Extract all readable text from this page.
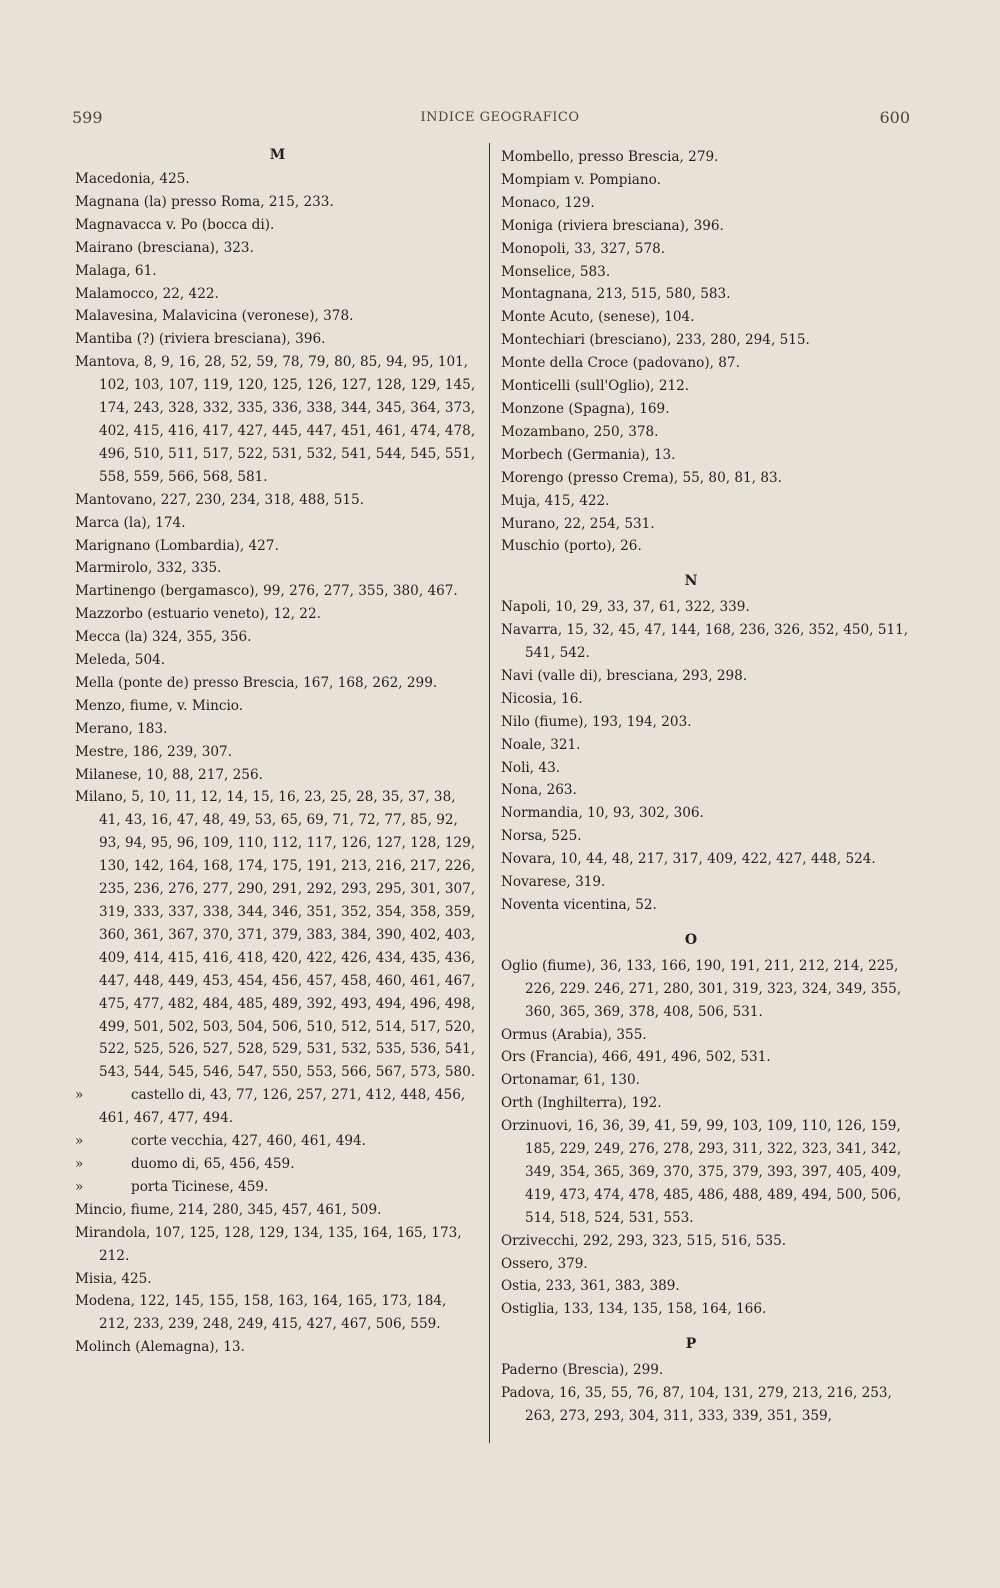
599	INDICE GEOGRAFICO	600
M
Macedonia, 425.
Magnana (la) presso Roma, 215, 233.
Magnavacca v. Po (bocca di).
Mairano (bresciana), 323.
Malaga, 61.
Malamocco, 22, 422.
Malavesina, Malavicina (veronese), 378.
Mantiba (?) (riviera bresciana), 396.
Mantova, 8, 9, 16, 28, 52, 59, 78, 79, 80, 85, 94, 95, 101, 102, 103, 107, 119, 120, 125, 126, 127, 128, 129, 145, 174, 243, 328, 332, 335, 336, 338, 344, 345, 364, 373, 402, 415, 416, 417, 427, 445, 447, 451, 461, 474, 478, 496, 510, 511, 517, 522, 531, 532, 541, 544, 545, 551, 558, 559, 566, 568, 581.
Mantovano, 227, 230, 234, 318, 488, 515.
Marca (la), 174.
Marignano (Lombardia), 427.
Marmirolo, 332, 335.
Martinengo (bergamasco), 99, 276, 277, 355, 380, 467.
Mazzorbo (estuario veneto), 12, 22.
Mecca (la) 324, 355, 356.
Meleda, 504.
Mella (ponte de) presso Brescia, 167, 168, 262, 299.
Menzo, fiume, v. Mincio.
Merano, 183.
Mestre, 186, 239, 307.
Milanese, 10, 88, 217, 256.
Milano, 5, 10, 11, 12, 14, 15, 16, 23, 25, 28, 35, 37, 38, 41, 43, 16, 47, 48, 49, 53, 65, 69, 71, 72, 77, 85, 92, 93, 94, 95, 96, 109, 110, 112, 117, 126, 127, 128, 129, 130, 142, 164, 168, 174, 175, 191, 213, 216, 217, 226, 235, 236, 276, 277, 290, 291, 292, 293, 295, 301, 307, 319, 333, 337, 338, 344, 346, 351, 352, 354, 358, 359, 360, 361, 367, 370, 371, 379, 383, 384, 390, 402, 403, 409, 414, 415, 416, 418, 420, 422, 426, 434, 435, 436, 447, 448, 449, 453, 454, 456, 457, 458, 460, 461, 467, 475, 477, 482, 484, 485, 489, 392, 493, 494, 496, 498, 499, 501, 502, 503, 504, 506, 510, 512, 514, 517, 520, 522, 525, 526, 527, 528, 529, 531, 532, 535, 536, 541, 543, 544, 545, 546, 547, 550, 553, 566, 567, 573, 580.
»	castello di, 43, 77, 126, 257, 271, 412, 448, 456, 461, 467, 477, 494.
»	corte vecchia, 427, 460, 461, 494.
»	duomo di, 65, 456, 459.
»	porta Ticinese, 459.
Mincio, fiume, 214, 280, 345, 457, 461, 509.
Mirandola, 107, 125, 128, 129, 134, 135, 164, 165, 173, 212.
Misia, 425.
Modena, 122, 145, 155, 158, 163, 164, 165, 173, 184, 212, 233, 239, 248, 249, 415, 427, 467, 506, 559.
Molinch (Alemagna), 13.
Mombello, presso Brescia, 279.
Mompiam v. Pompiano.
Monaco, 129.
Moniga (riviera bresciana), 396.
Monopoli, 33, 327, 578.
Monselice, 583.
Montagnana, 213, 515, 580, 583.
Monte Acuto, (senese), 104.
Montechiari (bresciano), 233, 280, 294, 515.
Monte della Croce (padovano), 87.
Monticelli (sull'Oglio), 212.
Monzone (Spagna), 169.
Mozambano, 250, 378.
Morbech (Germania), 13.
Morengo (presso Crema), 55, 80, 81, 83.
Muja, 415, 422.
Murano, 22, 254, 531.
Muschio (porto), 26.
N
Napoli, 10, 29, 33, 37, 61, 322, 339.
Navarra, 15, 32, 45, 47, 144, 168, 236, 326, 352, 450, 511, 541, 542.
Navi (valle di), bresciana, 293, 298.
Nicosia, 16.
Nilo (fiume), 193, 194, 203.
Noale, 321.
Noli, 43.
Nona, 263.
Normandia, 10, 93, 302, 306.
Norsa, 525.
Novara, 10, 44, 48, 217, 317, 409, 422, 427, 448, 524.
Novarese, 319.
Noventa vicentina, 52.
O
Oglio (fiume), 36, 133, 166, 190, 191, 211, 212, 214, 225, 226, 229. 246, 271, 280, 301, 319, 323, 324, 349, 355, 360, 365, 369, 378, 408, 506, 531.
Ormus (Arabia), 355.
Ors (Francia), 466, 491, 496, 502, 531.
Ortonamar, 61, 130.
Orth (Inghilterra), 192.
Orzinuovi, 16, 36, 39, 41, 59, 99, 103, 109, 110, 126, 159, 185, 229, 249, 276, 278, 293, 311, 322, 323, 341, 342, 349, 354, 365, 369, 370, 375, 379, 393, 397, 405, 409, 419, 473, 474, 478, 485, 486, 488, 489, 494, 500, 506, 514, 518, 524, 531, 553.
Orzivecchi, 292, 293, 323, 515, 516, 535.
Ossero, 379.
Ostia, 233, 361, 383, 389.
Ostiglia, 133, 134, 135, 158, 164, 166.
P
Paderno (Brescia), 299.
Padova, 16, 35, 55, 76, 87, 104, 131, 279, 213, 216, 253, 263, 273, 293, 304, 311, 333, 339, 351, 359,
